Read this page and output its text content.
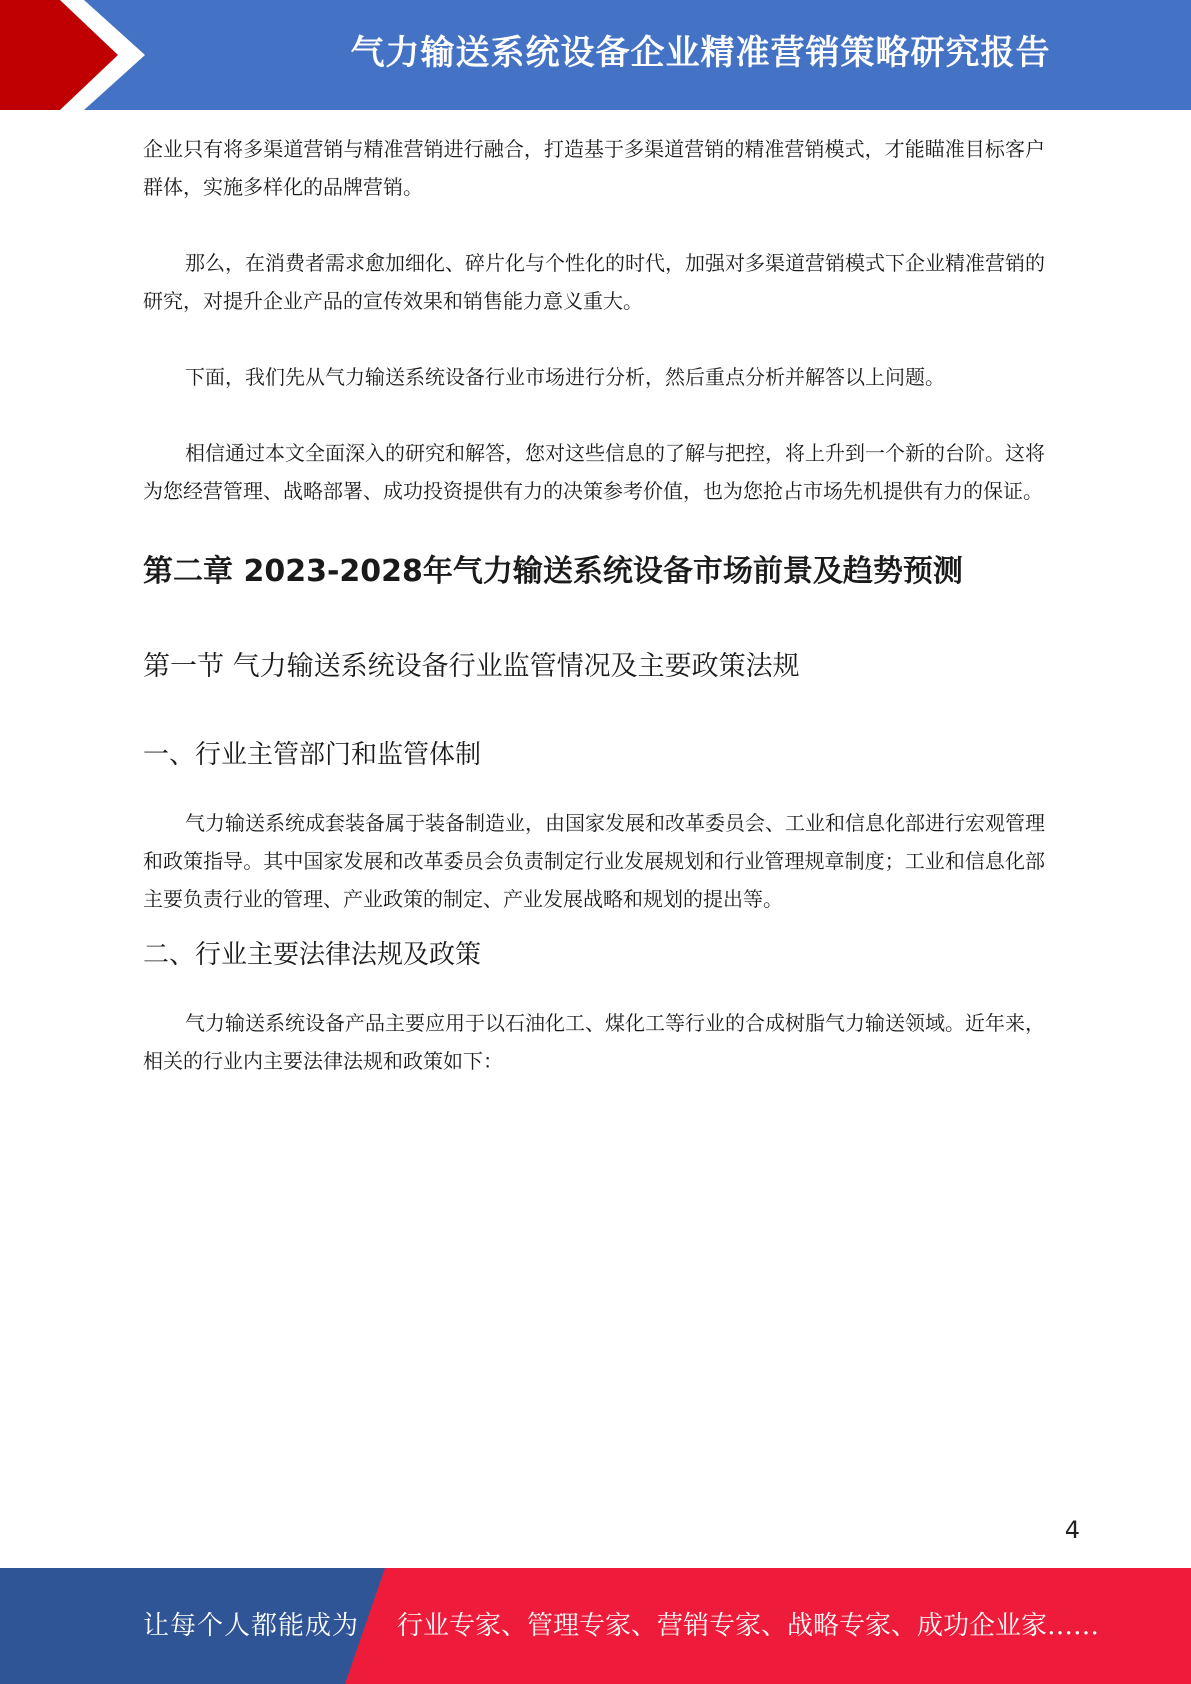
气力输送系统设备企业精准营销策略研究报告

企业只有将多渠道营销与精准营销进行融合，打造基于多渠道营销的精准营销模式，才能瞄准目标客户群体，实施多样化的品牌营销。

那么，在消费者需求愈加细化、碎片化与个性化的时代，加强对多渠道营销模式下企业精准营销的研究，对提升企业产品的宣传效果和销售能力意义重大。

下面，我们先从气力输送系统设备行业市场进行分析，然后重点分析并解答以上问题。

相信通过本文全面深入的研究和解答，您对这些信息的了解与把控，将上升到一个新的台阶。这将为您经营管理、战略部署、成功投资提供有力的决策参考价值，也为您抢占市场先机提供有力的保证。

第二章 2023-2028年气力输送系统设备市场前景及趋势预测
第一节 气力输送系统设备行业监管情况及主要政策法规
一、行业主管部门和监管体制

气力输送系统成套装备属于装备制造业，由国家发展和改革委员会、工业和信息化部进行宏观管理和政策指导。其中国家发展和改革委员会负责制定行业发展规划和行业管理规章制度；工业和信息化部主要负责行业的管理、产业政策的制定、产业发展战略和规划的提出等。

二、行业主要法律法规及政策

气力输送系统设备产品主要应用于以石油化工、煤化工等行业的合成树脂气力输送领域。近年来，相关的行业内主要法律法规和政策如下：

4
让每个人都能成为 行业专家、管理专家、营销专家、战略专家、成功企业家……
